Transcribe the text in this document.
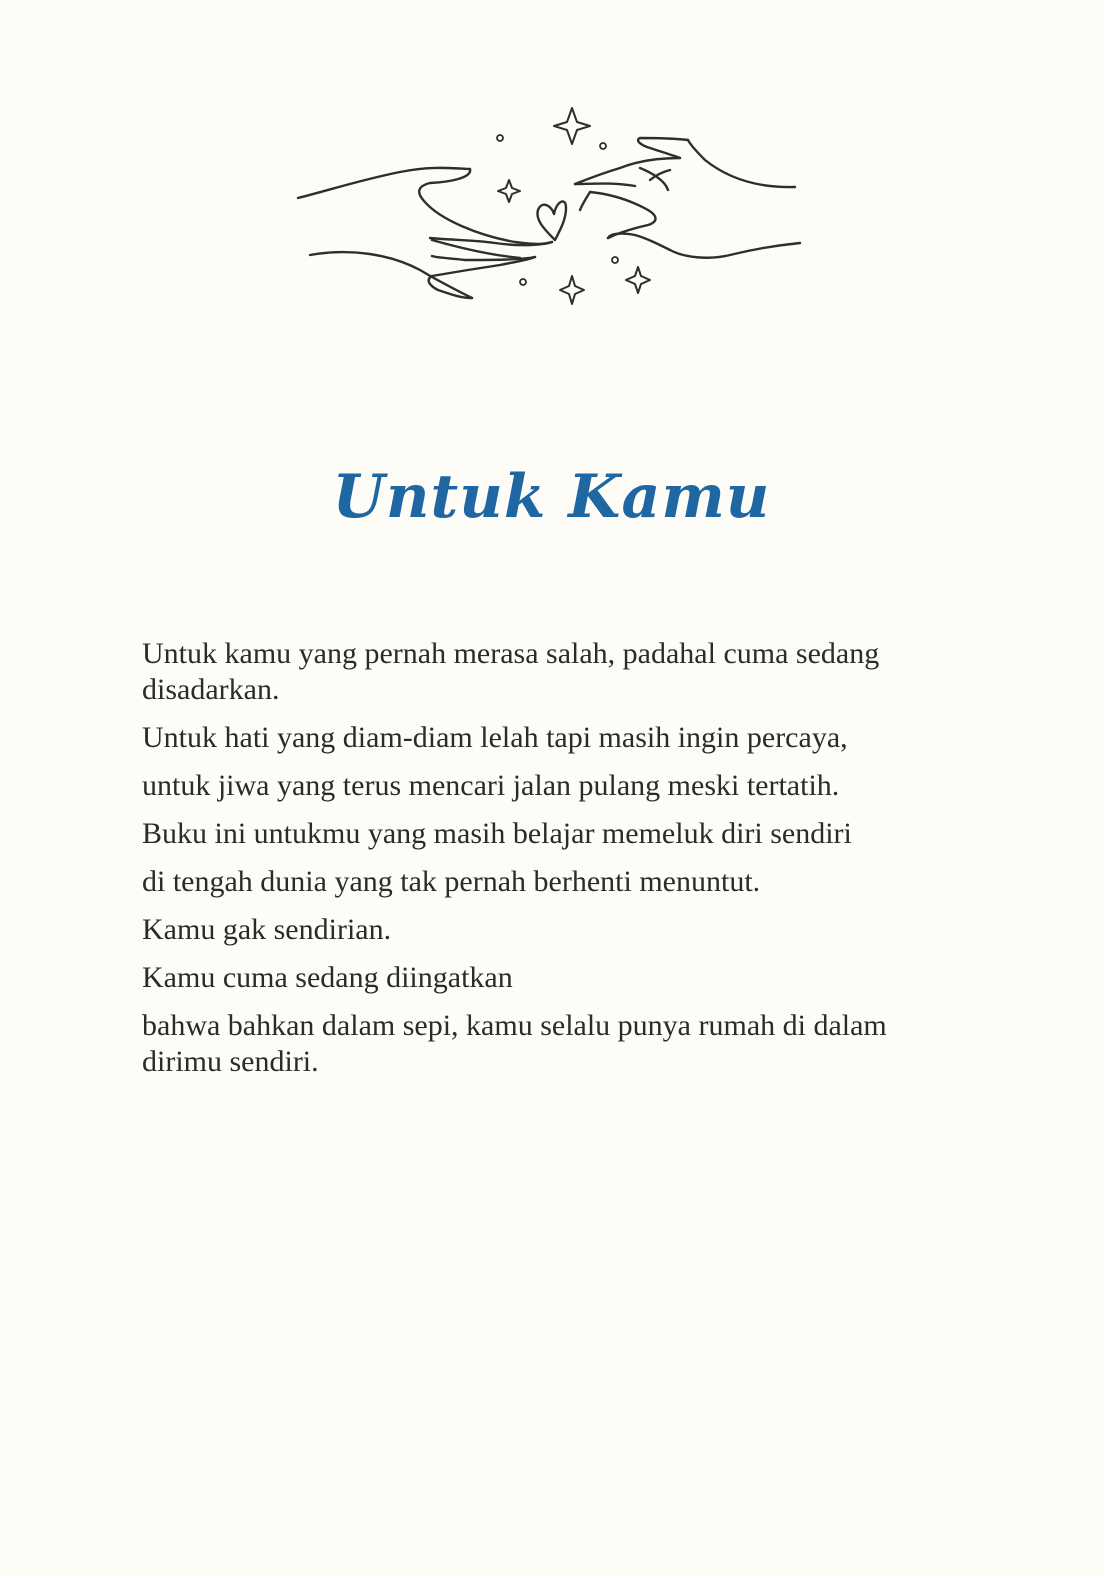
Untuk Kamu

Untuk kamu yang pernah merasa salah, padahal cuma sedang disadarkan.

Untuk hati yang diam-diam lelah tapi masih ingin percaya,

untuk jiwa yang terus mencari jalan pulang meski tertatih.

Buku ini untukmu yang masih belajar memeluk diri sendiri

di tengah dunia yang tak pernah berhenti menuntut.

Kamu gak sendirian.

Kamu cuma sedang diingatkan

bahwa bahkan dalam sepi, kamu selalu punya rumah di dalam dirimu sendiri.
